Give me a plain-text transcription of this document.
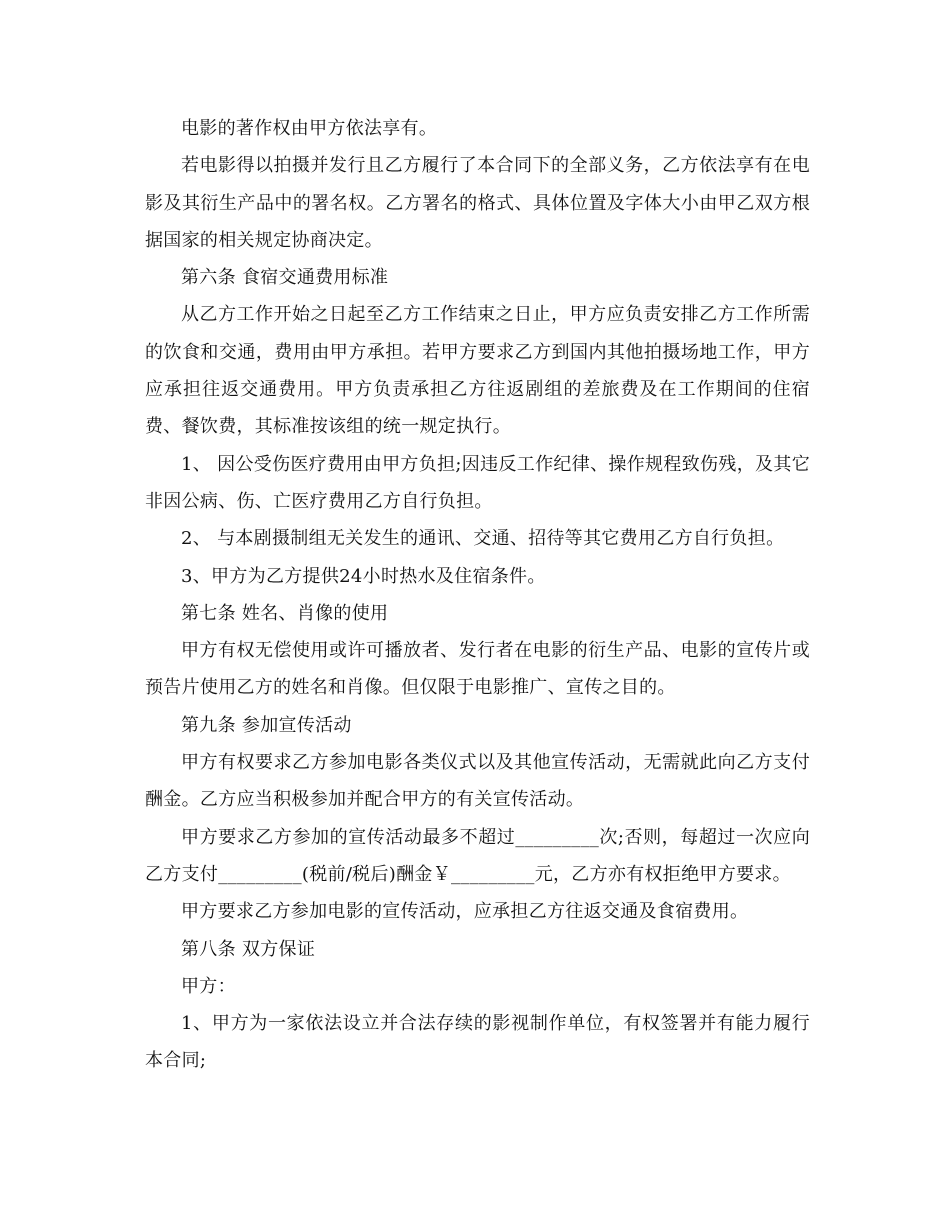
电影的著作权由甲方依法享有。

若电影得以拍摄并发行且乙方履行了本合同下的全部义务，乙方依法享有在电影及其衍生产品中的署名权。乙方署名的格式、具体位置及字体大小由甲乙双方根据国家的相关规定协商决定。

第六条 食宿交通费用标准

从乙方工作开始之日起至乙方工作结束之日止，甲方应负责安排乙方工作所需的饮食和交通，费用由甲方承担。若甲方要求乙方到国内其他拍摄场地工作，甲方应承担往返交通费用。甲方负责承担乙方往返剧组的差旅费及在工作期间的住宿费、餐饮费，其标准按该组的统一规定执行。

1、 因公受伤医疗费用由甲方负担;因违反工作纪律、操作规程致伤残，及其它非因公病、伤、亡医疗费用乙方自行负担。

2、 与本剧摄制组无关发生的通讯、交通、招待等其它费用乙方自行负担。

3、甲方为乙方提供24小时热水及住宿条件。

第七条 姓名、肖像的使用

甲方有权无偿使用或许可播放者、发行者在电影的衍生产品、电影的宣传片或预告片使用乙方的姓名和肖像。但仅限于电影推广、宣传之目的。

第九条 参加宣传活动

甲方有权要求乙方参加电影各类仪式以及其他宣传活动，无需就此向乙方支付酬金。乙方应当积极参加并配合甲方的有关宣传活动。

甲方要求乙方参加的宣传活动最多不超过_________次;否则，每超过一次应向乙方支付_________(税前/税后)酬金￥_________元，乙方亦有权拒绝甲方要求。

甲方要求乙方参加电影的宣传活动，应承担乙方往返交通及食宿费用。

第八条 双方保证

甲方：

1、甲方为一家依法设立并合法存续的影视制作单位，有权签署并有能力履行本合同;
